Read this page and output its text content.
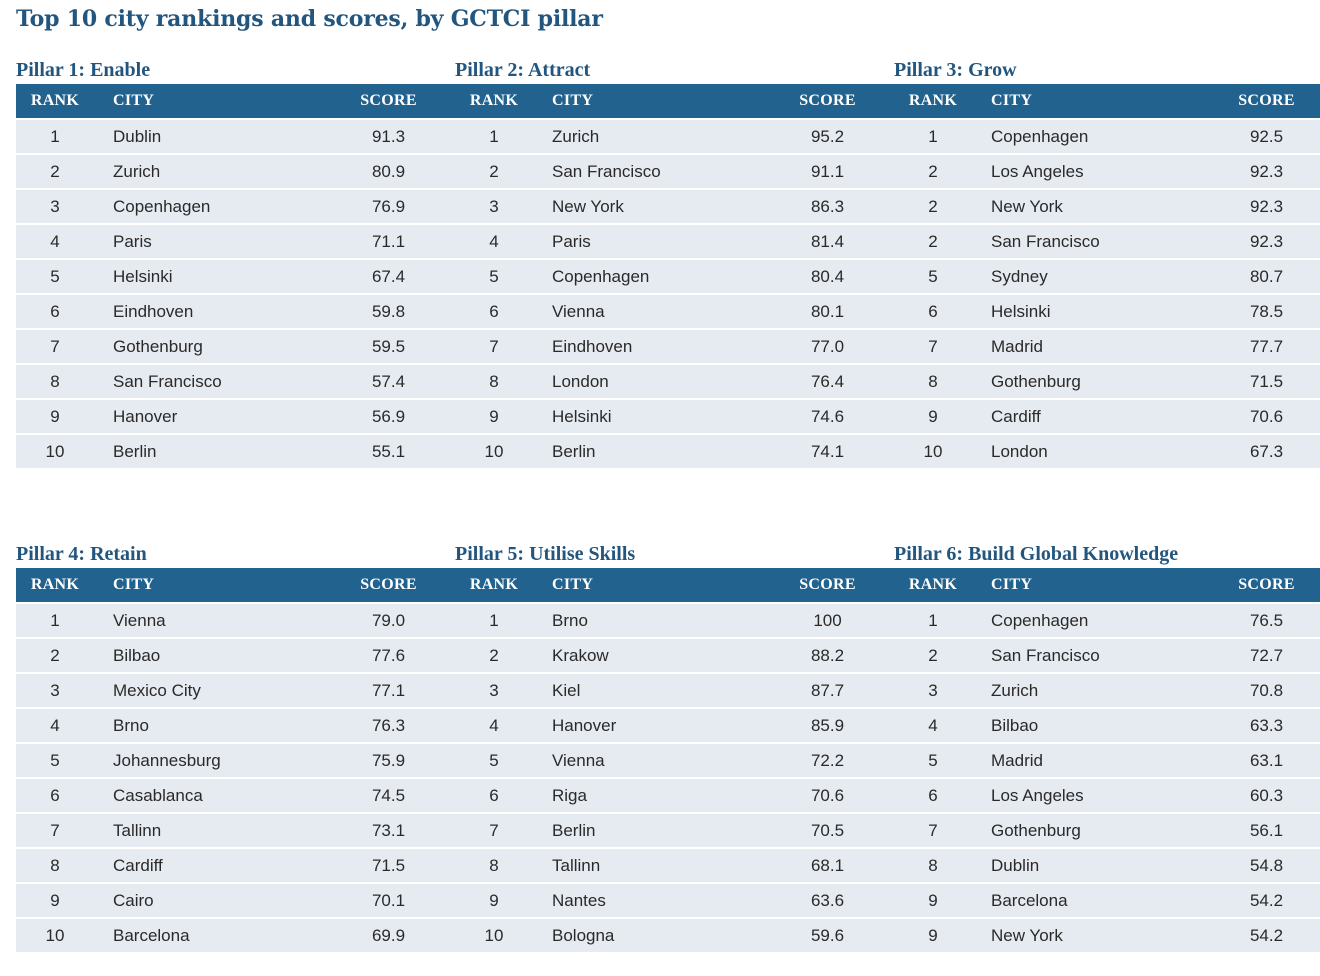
Top 10 city rankings and scores, by GCTCI pillar
Pillar 1: Enable
RANK	CITY	SCORE
1	Dublin	91.3
2	Zurich	80.9
3	Copenhagen	76.9
4	Paris	71.1
5	Helsinki	67.4
6	Eindhoven	59.8
7	Gothenburg	59.5
8	San Francisco	57.4
9	Hanover	56.9
10	Berlin	55.1
Pillar 2: Attract
RANK	CITY	SCORE
1	Zurich	95.2
2	San Francisco	91.1
3	New York	86.3
4	Paris	81.4
5	Copenhagen	80.4
6	Vienna	80.1
7	Eindhoven	77.0
8	London	76.4
9	Helsinki	74.6
10	Berlin	74.1
Pillar 3: Grow
RANK	CITY	SCORE
1	Copenhagen	92.5
2	Los Angeles	92.3
2	New York	92.3
2	San Francisco	92.3
5	Sydney	80.7
6	Helsinki	78.5
7	Madrid	77.7
8	Gothenburg	71.5
9	Cardiff	70.6
10	London	67.3
Pillar 4: Retain
RANK	CITY	SCORE
1	Vienna	79.0
2	Bilbao	77.6
3	Mexico City	77.1
4	Brno	76.3
5	Johannesburg	75.9
6	Casablanca	74.5
7	Tallinn	73.1
8	Cardiff	71.5
9	Cairo	70.1
10	Barcelona	69.9
Pillar 5: Utilise Skills
RANK	CITY	SCORE
1	Brno	100
2	Krakow	88.2
3	Kiel	87.7
4	Hanover	85.9
5	Vienna	72.2
6	Riga	70.6
7	Berlin	70.5
8	Tallinn	68.1
9	Nantes	63.6
10	Bologna	59.6
Pillar 6: Build Global Knowledge
RANK	CITY	SCORE
1	Copenhagen	76.5
2	San Francisco	72.7
3	Zurich	70.8
4	Bilbao	63.3
5	Madrid	63.1
6	Los Angeles	60.3
7	Gothenburg	56.1
8	Dublin	54.8
9	Barcelona	54.2
9	New York	54.2
